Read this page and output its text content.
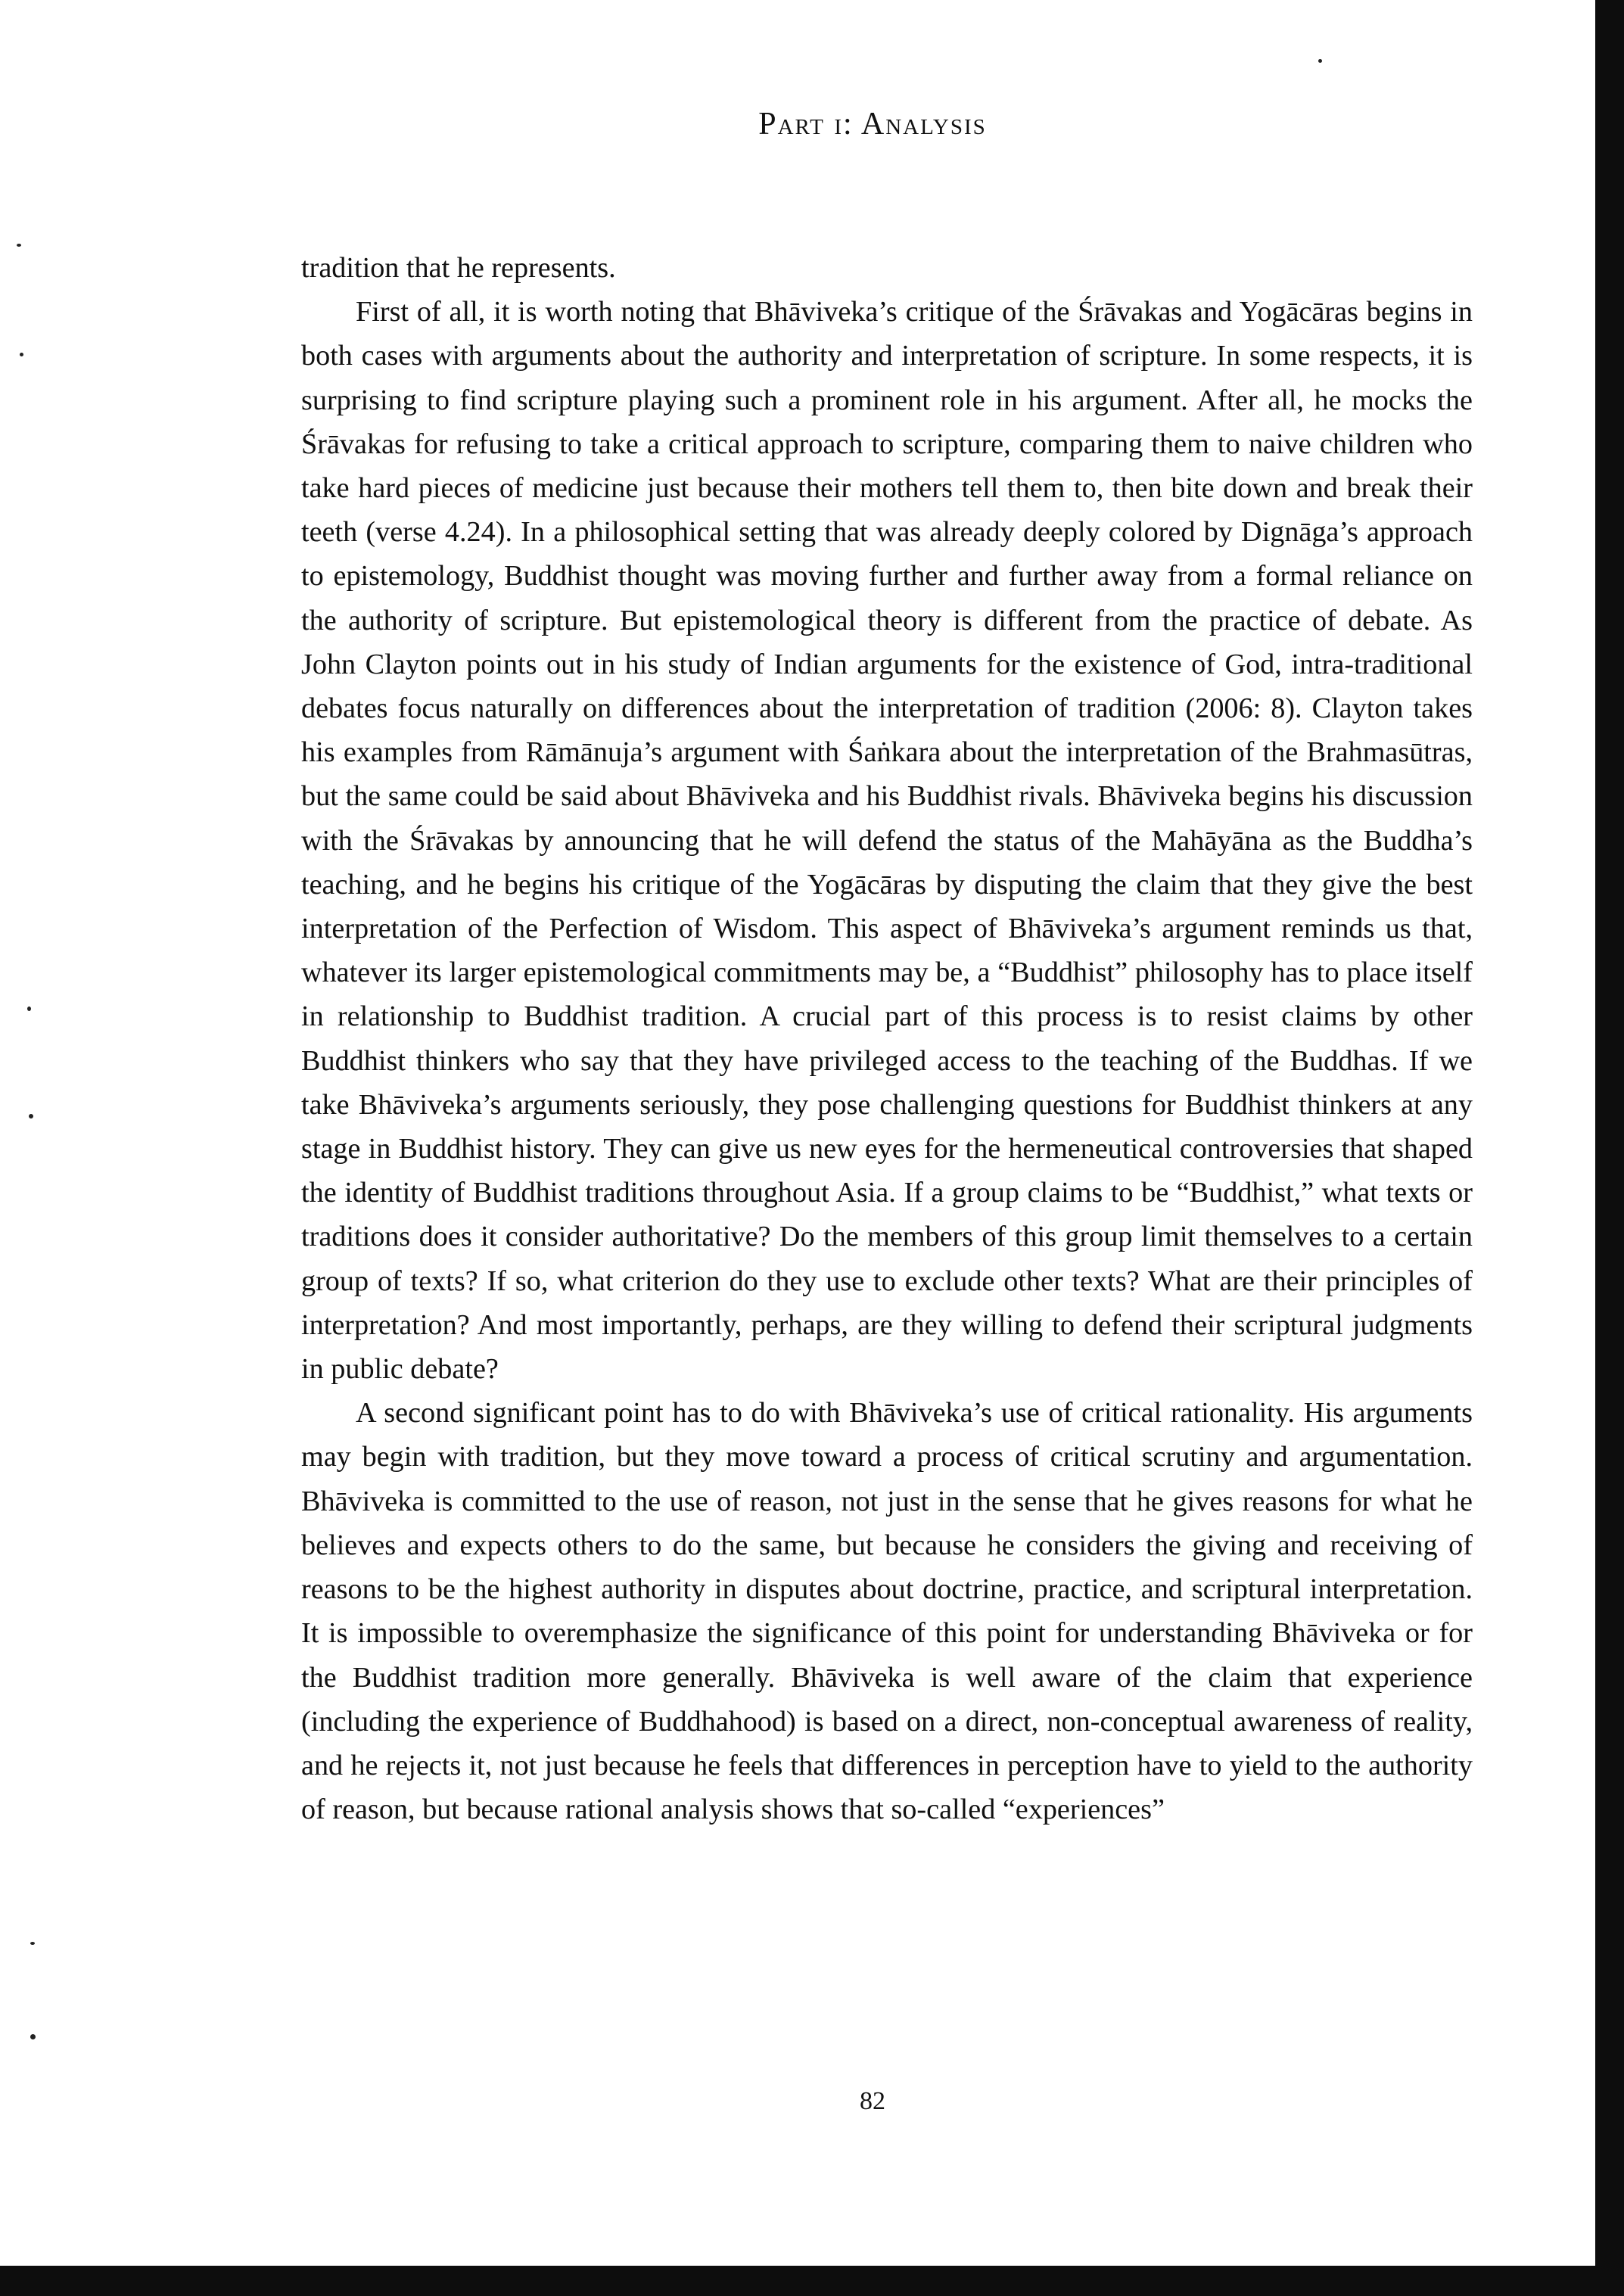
Part i: Analysis

tradition that he represents.

First of all, it is worth noting that Bhāviveka’s critique of the Śrāvakas and Yogācāras begins in both cases with arguments about the authority and interpretation of scripture. In some respects, it is surprising to find scripture playing such a prominent role in his argument. After all, he mocks the Śrāvakas for refusing to take a critical approach to scripture, comparing them to naive children who take hard pieces of medicine just because their mothers tell them to, then bite down and break their teeth (verse 4.24). In a philosophical setting that was already deeply colored by Dignāga’s approach to epistemology, Buddhist thought was moving further and further away from a formal reliance on the authority of scripture. But epistemological theory is different from the practice of debate. As John Clayton points out in his study of Indian arguments for the existence of God, intra-traditional debates focus naturally on differences about the interpretation of tradition (2006: 8). Clayton takes his examples from Rāmānuja’s argument with Śaṅkara about the interpretation of the Brahmasūtras, but the same could be said about Bhāviveka and his Buddhist rivals. Bhāviveka begins his discussion with the Śrāvakas by announcing that he will defend the status of the Mahāyāna as the Buddha’s teaching, and he begins his critique of the Yogācāras by disputing the claim that they give the best interpretation of the Perfection of Wisdom. This aspect of Bhāviveka’s argument reminds us that, whatever its larger epistemological commitments may be, a “Buddhist” philosophy has to place itself in relationship to Buddhist tradition. A crucial part of this process is to resist claims by other Buddhist thinkers who say that they have privileged access to the teaching of the Buddhas. If we take Bhāviveka’s arguments seriously, they pose challenging questions for Buddhist thinkers at any stage in Buddhist history. They can give us new eyes for the hermeneutical controversies that shaped the identity of Buddhist traditions throughout Asia. If a group claims to be “Buddhist,” what texts or traditions does it consider authoritative? Do the members of this group limit themselves to a certain group of texts? If so, what criterion do they use to exclude other texts? What are their principles of interpretation? And most importantly, perhaps, are they willing to defend their scriptural judgments in public debate?

A second significant point has to do with Bhāviveka’s use of critical rationality. His arguments may begin with tradition, but they move toward a process of critical scrutiny and argumentation. Bhāviveka is committed to the use of reason, not just in the sense that he gives reasons for what he believes and expects others to do the same, but because he considers the giving and receiving of reasons to be the highest authority in disputes about doctrine, practice, and scriptural interpretation. It is impossible to overemphasize the significance of this point for understanding Bhāviveka or for the Buddhist tradition more generally. Bhāviveka is well aware of the claim that experience (including the experience of Buddhahood) is based on a direct, non-conceptual awareness of reality, and he rejects it, not just because he feels that differences in perception have to yield to the authority of reason, but because rational analysis shows that so-called “experiences”

82
